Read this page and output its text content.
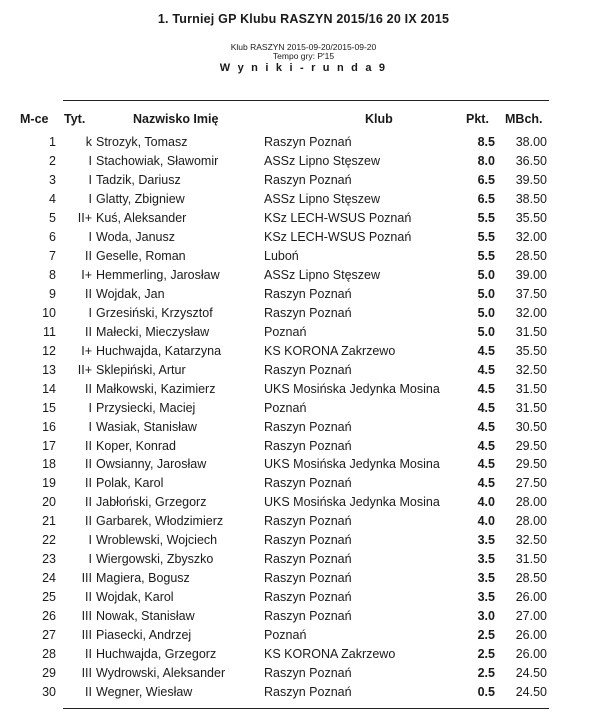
1. Turniej GP Klubu RASZYN 2015/16 20 IX 2015
Klub RASZYN 2015-09-20/2015-09-20
Tempo gry: P'15
W y n i k i - r u n d a 9
M-ce Tyt.	Nazwisko Imię	Klub	Pkt. MBch.
1	k Strozyk, Tomasz	Raszyn Poznań	8.5	38.00
2	I Stachowiak, Sławomir	ASSz Lipno Stęszew	8.0	36.50
3	I Tadzik, Dariusz	Raszyn Poznań	6.5	39.50
4	I Glatty, Zbigniew	ASSz Lipno Stęszew	6.5	38.50
5	II+ Kuś, Aleksander	KSz LECH-WSUS Poznań	5.5	35.50
6	I Woda, Janusz	KSz LECH-WSUS Poznań	5.5	32.00
7	II Geselle, Roman	Luboń	5.5	28.50
8	I+ Hemmerling, Jarosław	ASSz Lipno Stęszew	5.0	39.00
9	II Wojdak, Jan	Raszyn Poznań	5.0	37.50
10	I Grzesiński, Krzysztof	Raszyn Poznań	5.0	32.00
11	II Małecki, Mieczysław	Poznań	5.0	31.50
12	I+ Huchwajda, Katarzyna	KS KORONA Zakrzewo	4.5	35.50
13	II+ Sklepiński, Artur	Raszyn Poznań	4.5	32.50
14	II Małkowski, Kazimierz	UKS Mosińska Jedynka Mosina	4.5	31.50
15	I Przysiecki, Maciej	Poznań	4.5	31.50
16	I Wasiak, Stanisław	Raszyn Poznań	4.5	30.50
17	II Koper, Konrad	Raszyn Poznań	4.5	29.50
18	II Owsianny, Jarosław	UKS Mosińska Jedynka Mosina	4.5	29.50
19	II Polak, Karol	Raszyn Poznań	4.5	27.50
20	II Jabłoński, Grzegorz	UKS Mosińska Jedynka Mosina	4.0	28.00
21	II Garbarek, Włodzimierz	Raszyn Poznań	4.0	28.00
22	I Wroblewski, Wojciech	Raszyn Poznań	3.5	32.50
23	I Wiergowski, Zbyszko	Raszyn Poznań	3.5	31.50
24	III Magiera, Bogusz	Raszyn Poznań	3.5	28.50
25	II Wojdak, Karol	Raszyn Poznań	3.5	26.00
26	III Nowak, Stanisław	Raszyn Poznań	3.0	27.00
27	III Piasecki, Andrzej	Poznań	2.5	26.00
28	II Huchwajda, Grzegorz	KS KORONA Zakrzewo	2.5	26.00
29	III Wydrowski, Aleksander	Raszyn Poznań	2.5	24.50
30	II Wegner, Wiesław	Raszyn Poznań	0.5	24.50
